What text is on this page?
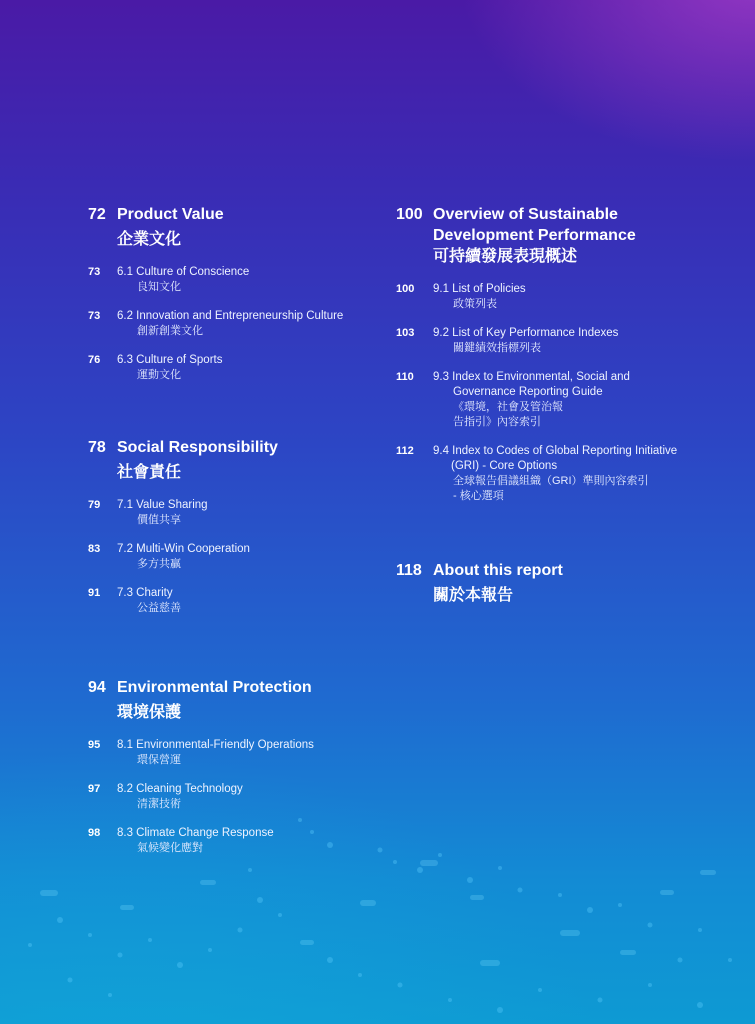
72 Product Value
企業文化
73	6.1 Culture of Conscience
良知文化
73	6.2 Innovation and Entrepreneurship Culture
創新創業文化
76	6.3 Culture of Sports
運動文化
78 Social Responsibility
社會責任
79	7.1 Value Sharing
價值共享
83	7.2 Multi-Win Cooperation
多方共贏
91	7.3 Charity
公益慈善
94 Environmental Protection
環境保護
95	8.1 Environmental-Friendly Operations
環保營運
97	8.2 Cleaning Technology
清潔技術
98	8.3 Climate Change Response
氣候變化應對
100 Overview of Sustainable
Development Performance
可持續發展表現概述
100	9.1 List of Policies
政策列表
103	9.2 List of Key Performance Indexes
關鍵績效指標列表
110	9.3 Index to Environmental, Social and
Governance Reporting Guide
《環境，社會及管治報
告指引》內容索引
112	9.4 Index to Codes of Global Reporting Initiative
(GRI) - Core Options
全球報告倡議組織（GRI）準則內容索引
- 核心選項
118 About this report
關於本報告
